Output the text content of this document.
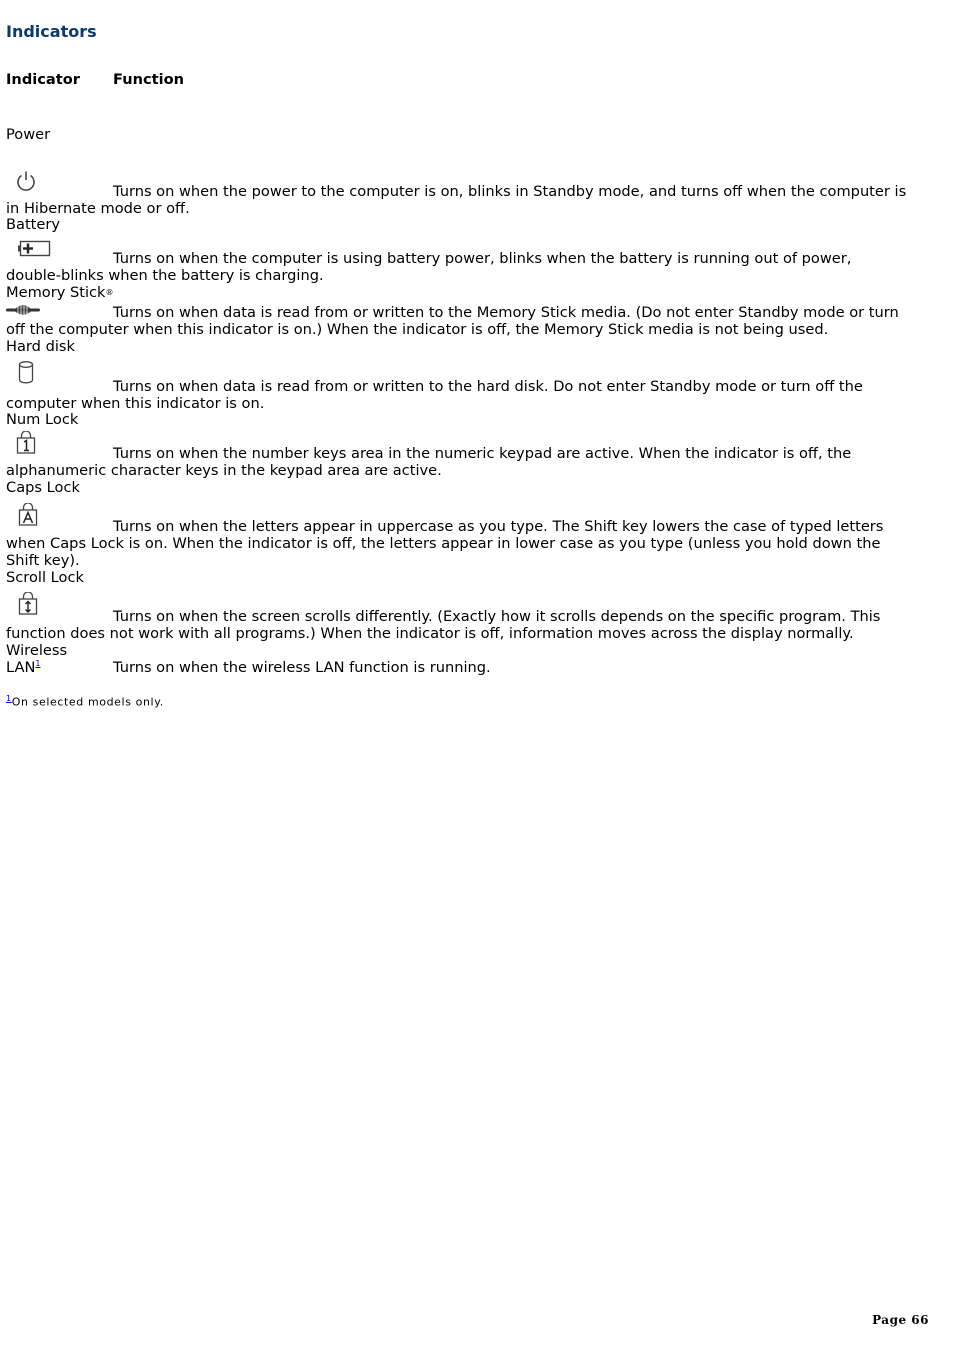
Indicators
Indicator Function
Power
Turns on when the power to the computer is on, blinks in Standby mode, and turns off when the computer is
in Hibernate mode or off.
Battery
Turns on when the computer is using battery power, blinks when the battery is running out of power,
double-blinks when the battery is charging.
Memory Stick®
Turns on when data is read from or written to the Memory Stick media. (Do not enter Standby mode or turn
off the computer when this indicator is on.) When the indicator is off, the Memory Stick media is not being used.
Hard disk
Turns on when data is read from or written to the hard disk. Do not enter Standby mode or turn off the
computer when this indicator is on.
Num Lock
Turns on when the number keys area in the numeric keypad are active. When the indicator is off, the
alphanumeric character keys in the keypad area are active.
Caps Lock
Turns on when the letters appear in uppercase as you type. The Shift key lowers the case of typed letters
when Caps Lock is on. When the indicator is off, the letters appear in lower case as you type (unless you hold down the
Shift key).
Scroll Lock
Turns on when the screen scrolls differently. (Exactly how it scrolls depends on the specific program. This
function does not work with all programs.) When the indicator is off, information moves across the display normally.
Wireless
LAN$^1$	Turns on when the wireless LAN function is running.
$^1$On selected models only.
Page 66
